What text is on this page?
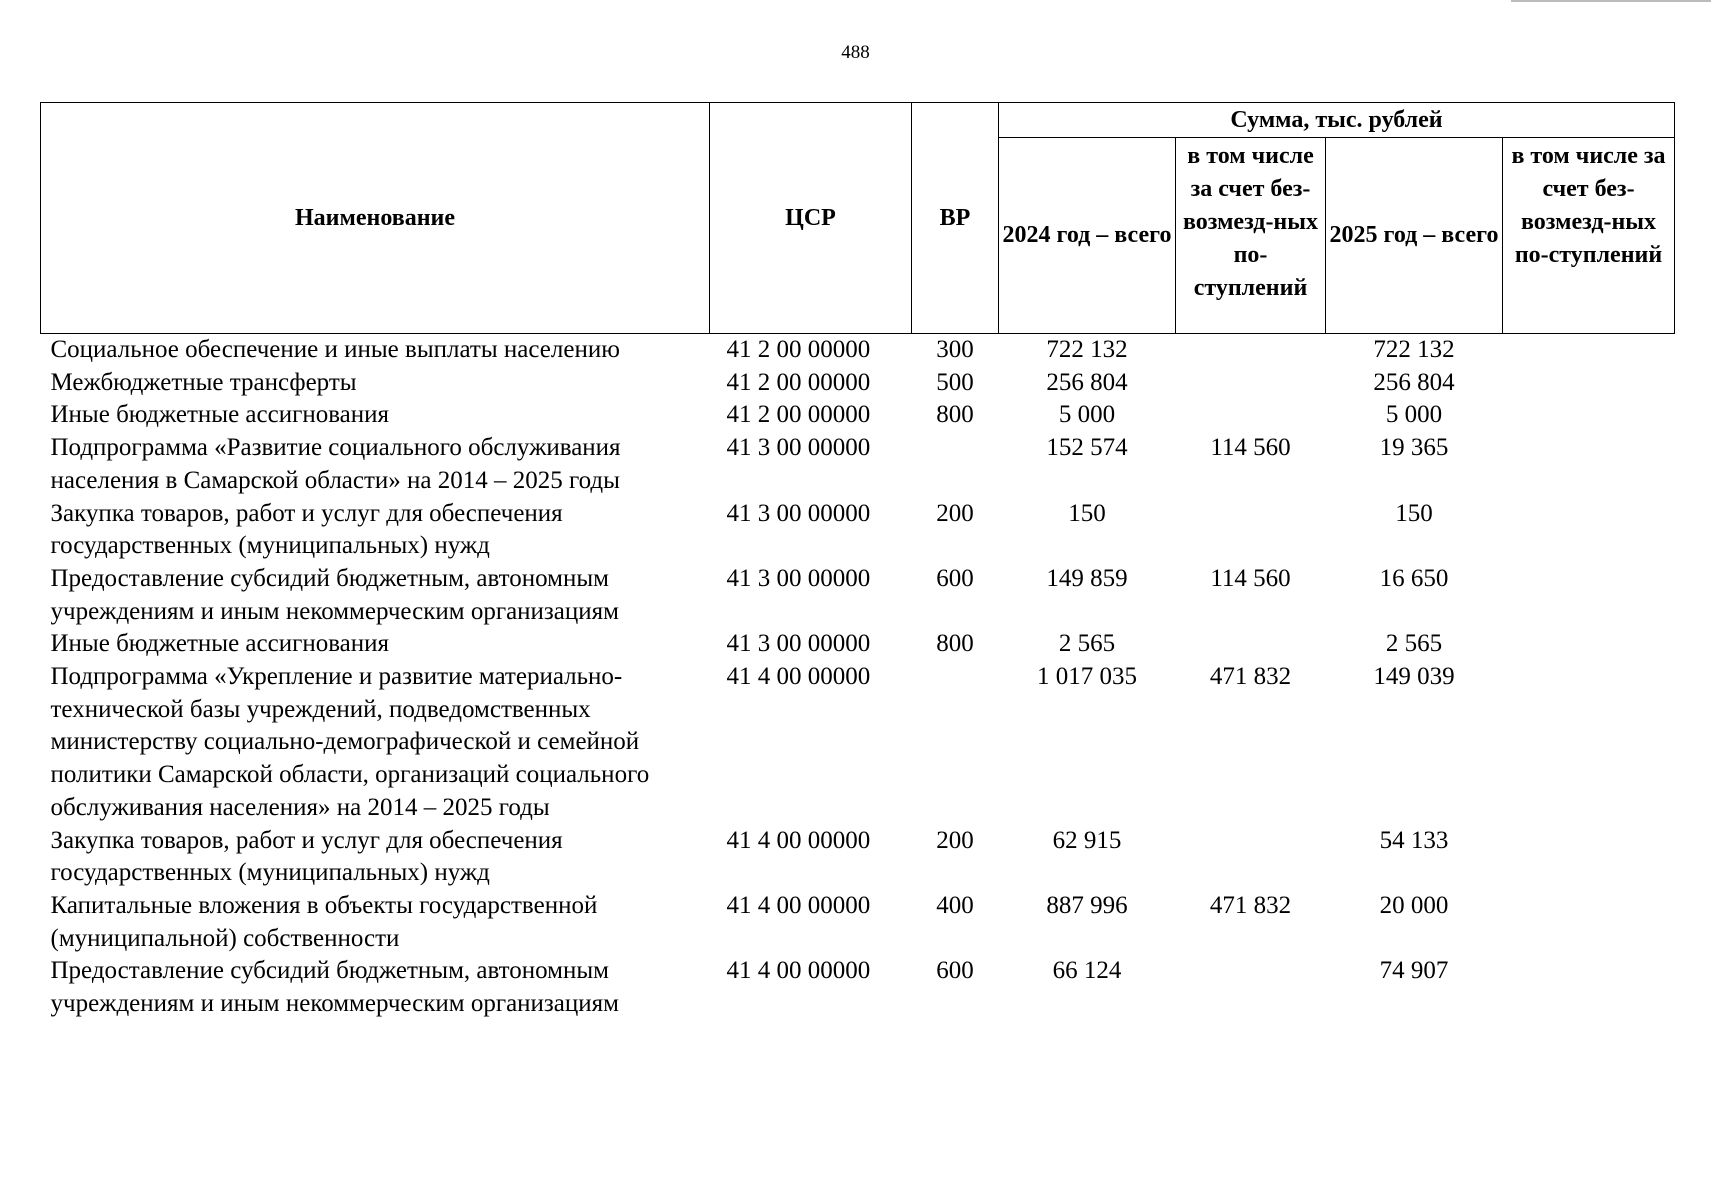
488
Наименование	ЦСР	ВР	Сумма, тыс. рублей			
			2024 год – всего	в том числе за счет без-возмезд-ных по-ступлений	2025 год – всего	в том числе за счет без-возмезд-ных по-ступлений
Социальное обеспечение и иные выплаты населению	41 2 00 00000	300	722 132		722 132	
Межбюджетные трансферты	41 2 00 00000	500	256 804		256 804	
Иные бюджетные ассигнования	41 2 00 00000	800	5 000		5 000	
Подпрограмма «Развитие социального обслуживания населения в Самарской области» на 2014 – 2025 годы	41 3 00 00000		152 574	114 560	19 365	
Закупка товаров, работ и услуг для обеспечения государственных (муниципальных) нужд	41 3 00 00000	200	150		150	
Предоставление субсидий бюджетным, автономным учреждениям и иным некоммерческим организациям	41 3 00 00000	600	149 859	114 560	16 650	
Иные бюджетные ассигнования	41 3 00 00000	800	2 565		2 565	
Подпрограмма «Укрепление и развитие материально-технической базы учреждений, подведомственных министерству социально-демографической и семейной политики Самарской области, организаций социального обслуживания населения» на 2014 – 2025 годы	41 4 00 00000		1 017 035	471 832	149 039	
Закупка товаров, работ и услуг для обеспечения государственных (муниципальных) нужд	41 4 00 00000	200	62 915		54 133	
Капитальные вложения в объекты государственной (муниципальной) собственности	41 4 00 00000	400	887 996	471 832	20 000	
Предоставление субсидий бюджетным, автономным учреждениям и иным некоммерческим организациям	41 4 00 00000	600	66 124		74 907	
